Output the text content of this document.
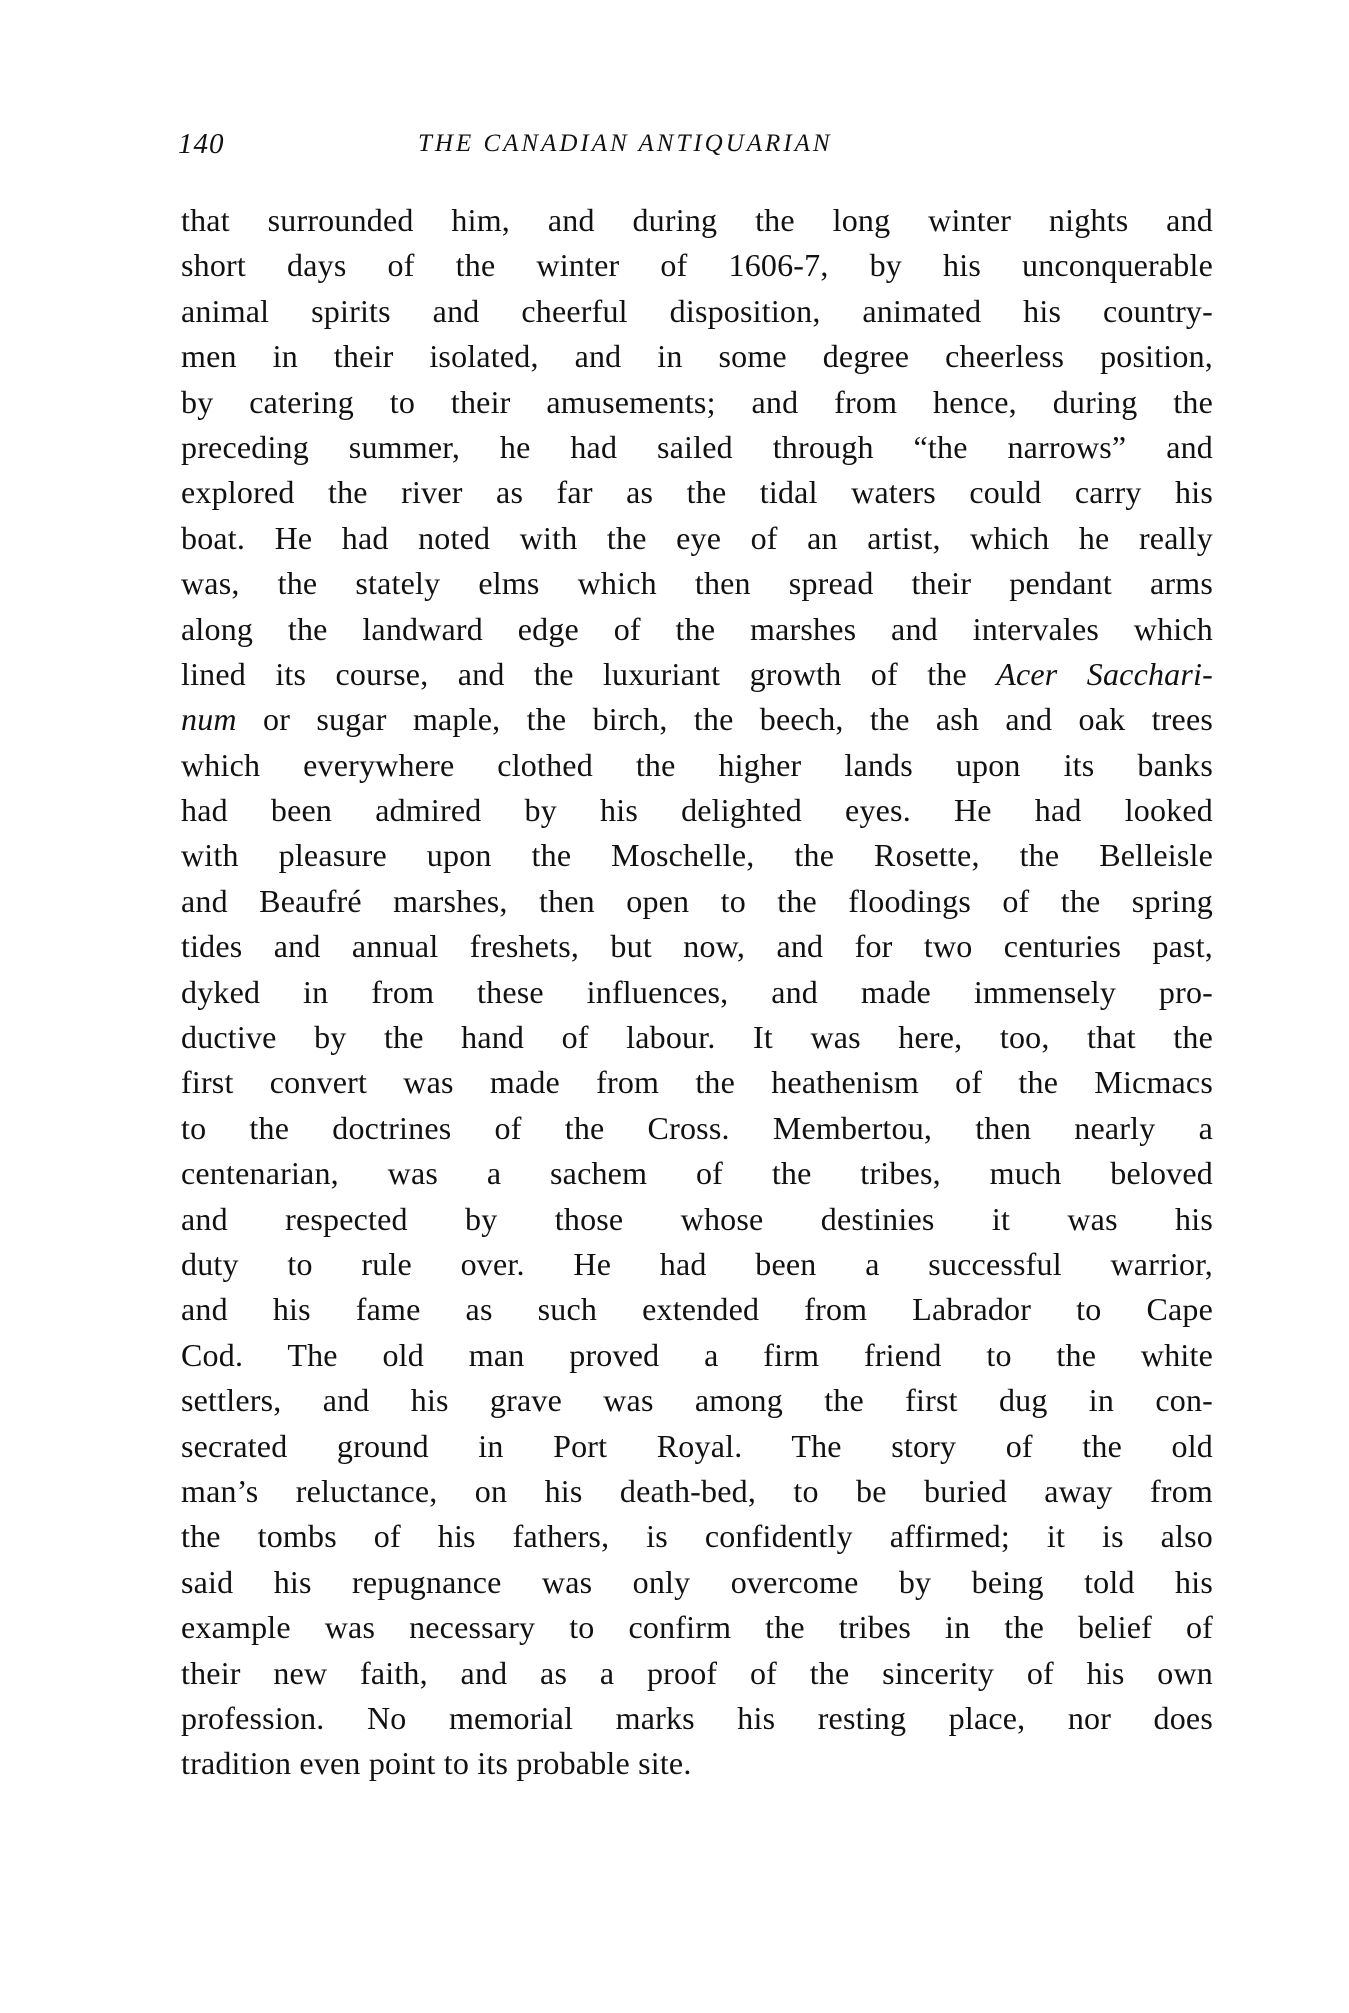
140	THE CANADIAN ANTIQUARIAN
that surrounded him, and during the long winter nights and
short days of the winter of 1606-7, by his unconquerable
animal spirits and cheerful disposition, animated his country-
men in their isolated, and in some degree cheerless position,
by catering to their amusements; and from hence, during the
preceding summer, he had sailed through “the narrows” and
explored the river as far as the tidal waters could carry his
boat. He had noted with the eye of an artist, which he really
was, the stately elms which then spread their pendant arms
along the landward edge of the marshes and intervales which
lined its course, and the luxuriant growth of the Acer Sacchari-
num or sugar maple, the birch, the beech, the ash and oak trees
which everywhere clothed the higher lands upon its banks
had been admired by his delighted eyes. He had looked
with pleasure upon the Moschelle, the Rosette, the Belleisle
and Beaufré marshes, then open to the floodings of the spring
tides and annual freshets, but now, and for two centuries past,
dyked in from these influences, and made immensely pro-
ductive by the hand of labour. It was here, too, that the
first convert was made from the heathenism of the Micmacs
to the doctrines of the Cross. Membertou, then nearly a
centenarian, was a sachem of the tribes, much beloved
and respected by those whose destinies it was his
duty to rule over. He had been a successful warrior,
and his fame as such extended from Labrador to Cape
Cod. The old man proved a firm friend to the white
settlers, and his grave was among the first dug in con-
secrated ground in Port Royal. The story of the old
man’s reluctance, on his death-bed, to be buried away from
the tombs of his fathers, is confidently affirmed; it is also
said his repugnance was only overcome by being told his
example was necessary to confirm the tribes in the belief of
their new faith, and as a proof of the sincerity of his own
profession. No memorial marks his resting place, nor does
tradition even point to its probable site.
